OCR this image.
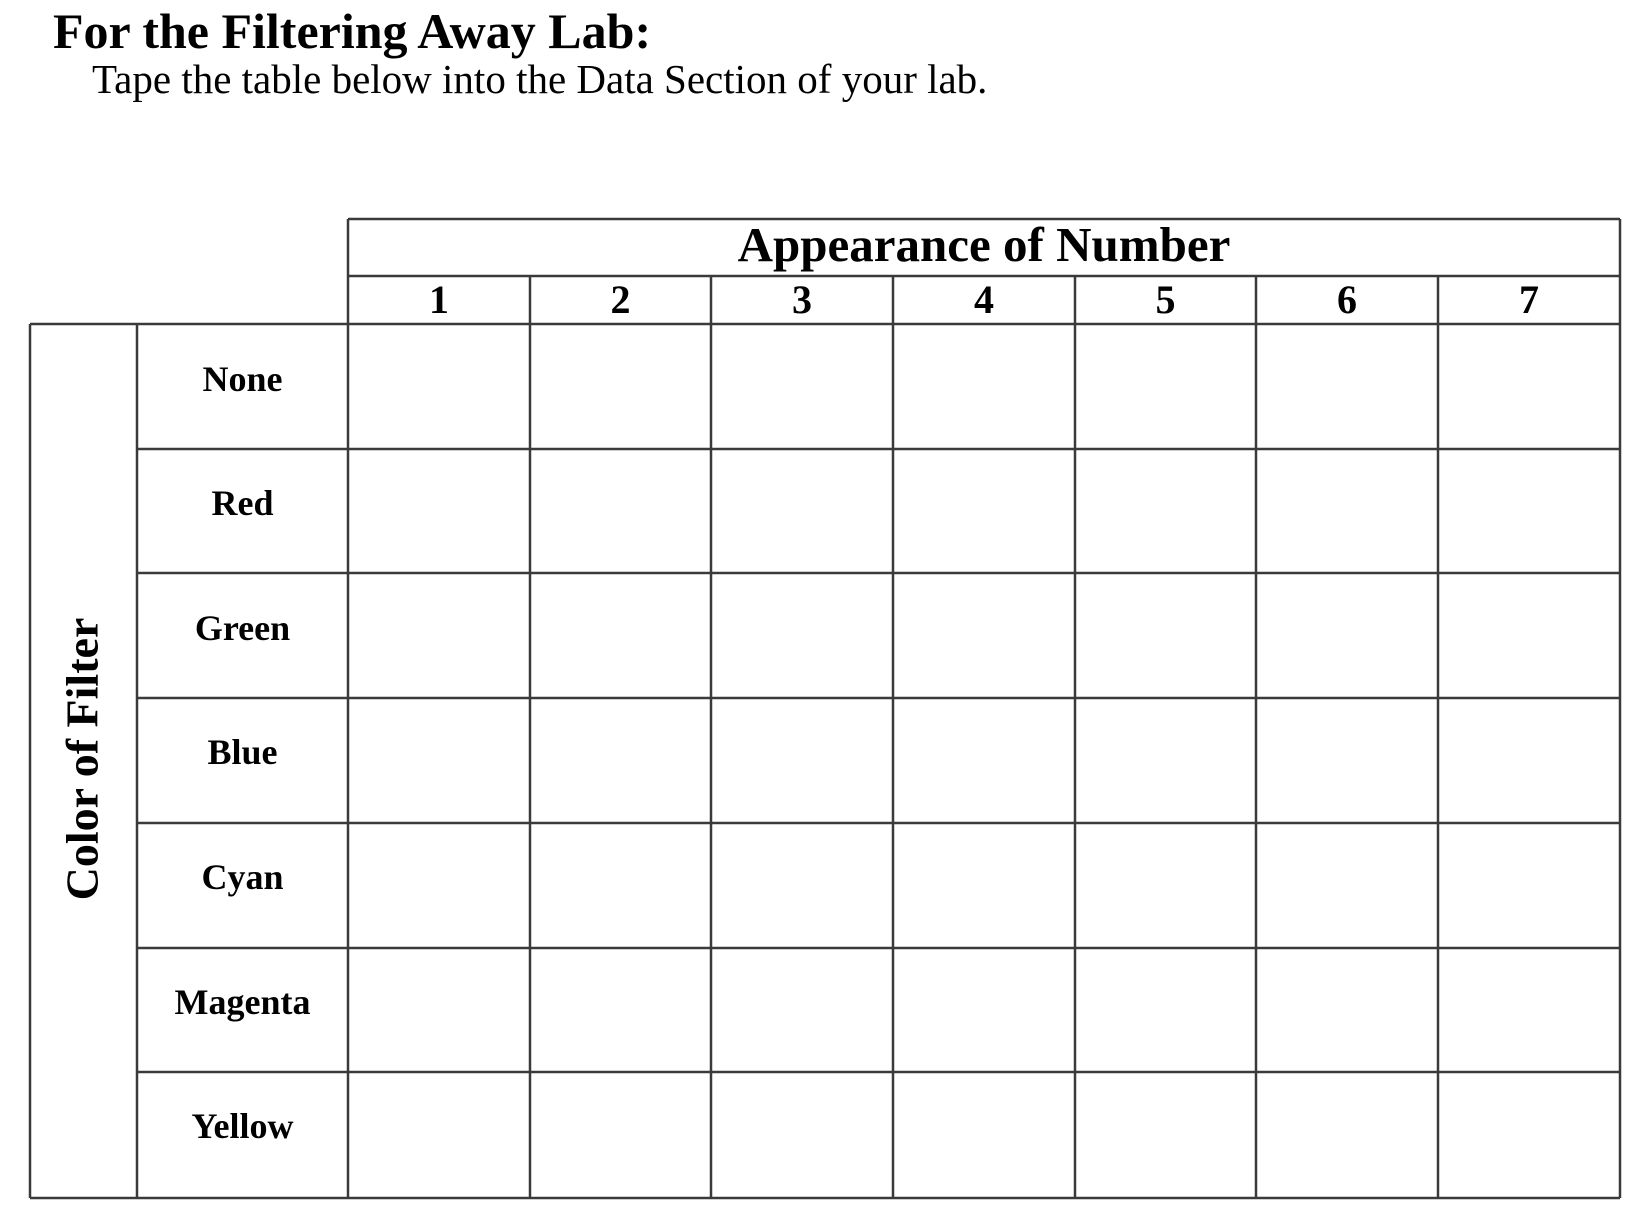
For the Filtering Away Lab:
Tape the table below into the Data Section of your lab.
Appearance of Number
1	2	3	4	5	6	7
Color of Filter
None
Red
Green
Blue
Cyan
Magenta
Yellow
